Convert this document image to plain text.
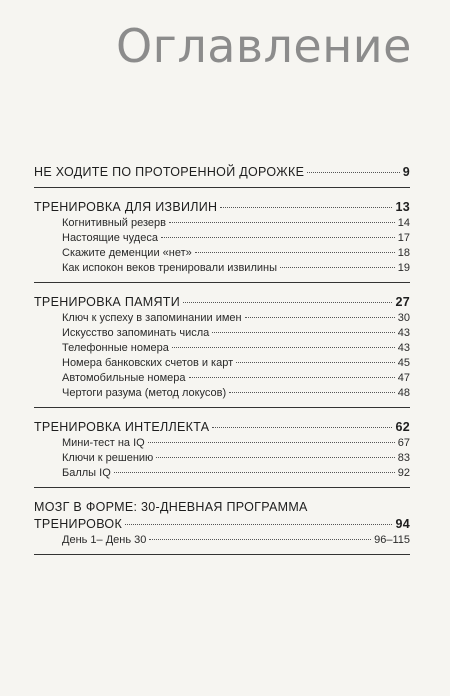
Оглавление
НЕ ХОДИТЕ ПО ПРОТОРЕННОЙ ДОРОЖКЕ	9
ТРЕНИРОВКА ДЛЯ ИЗВИЛИН	13
Когнитивный резерв	14
Настоящие чудеса	17
Скажите деменции «нет»	18
Как испокон веков тренировали извилины	19
ТРЕНИРОВКА ПАМЯТИ	27
Ключ к успеху в запоминании имен	30
Искусство запоминать числа	43
Телефонные номера	43
Номера банковских счетов и карт	45
Автомобильные номера	47
Чертоги разума (метод локусов)	48
ТРЕНИРОВКА ИНТЕЛЛЕКТА	62
Мини-тест на IQ	67
Ключи к решению	83
Баллы IQ	92
МОЗГ В ФОРМЕ: 30-ДНЕВНАЯ ПРОГРАММА
ТРЕНИРОВОК	94
День 1– День 30	96–115
